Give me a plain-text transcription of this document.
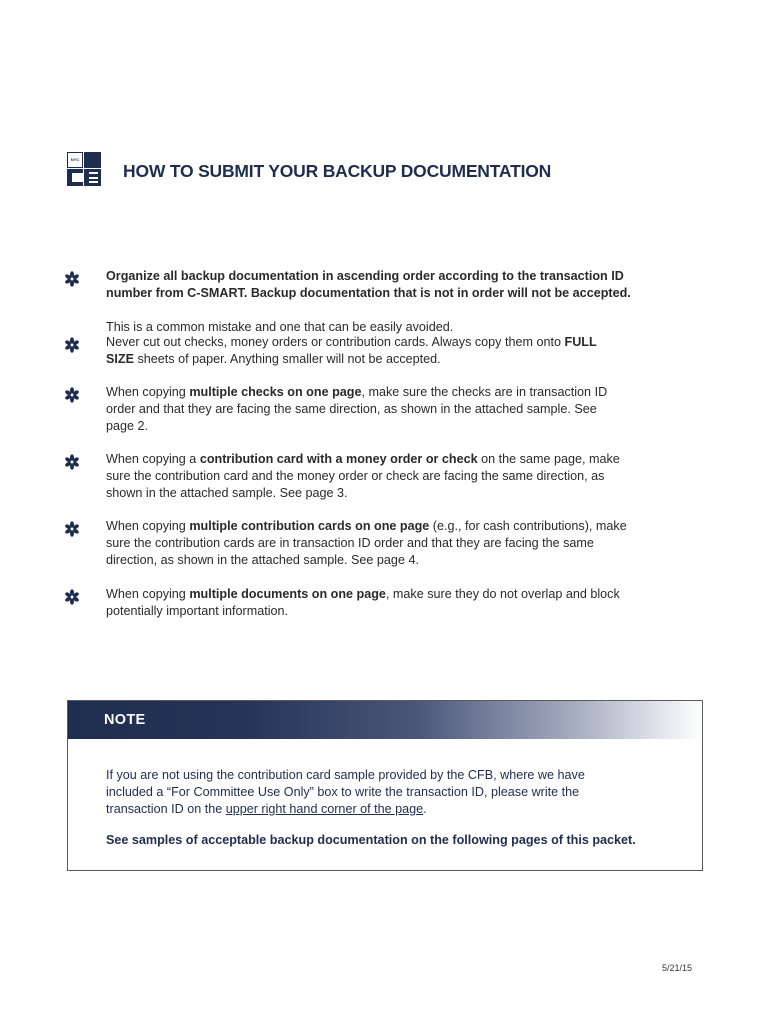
NYC
HOW TO SUBMIT YOUR BACKUP DOCUMENTATION
Organize all backup documentation in ascending order according to the transaction ID
number from C-SMART. Backup documentation that is not in order will not be accepted.

This is a common mistake and one that can be easily avoided.
Never cut out checks, money orders or contribution cards. Always copy them onto FULL
SIZE sheets of paper. Anything smaller will not be accepted.
When copying multiple checks on one page, make sure the checks are in transaction ID
order and that they are facing the same direction, as shown in the attached sample. See
page 2.
When copying a contribution card with a money order or check on the same page, make
sure the contribution card and the money order or check are facing the same direction, as
shown in the attached sample. See page 3.
When copying multiple contribution cards on one page (e.g., for cash contributions), make
sure the contribution cards are in transaction ID order and that they are facing the same
direction, as shown in the attached sample. See page 4.
When copying multiple documents on one page, make sure they do not overlap and block
potentially important information.
NOTE
If you are not using the contribution card sample provided by the CFB, where we have
included a “For Committee Use Only” box to write the transaction ID, please write the
transaction ID on the upper right hand corner of the page.
See samples of acceptable backup documentation on the following pages of this packet.
5/21/15
